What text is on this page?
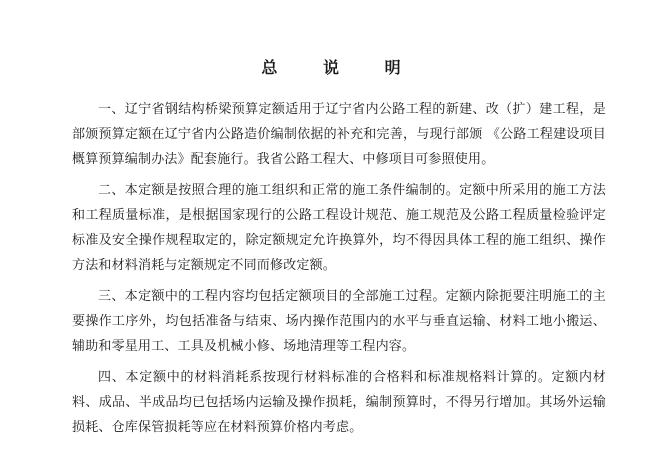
总 说 明

一、辽宁省钢结构桥梁预算定额适用于辽宁省内公路工程的新建、改（扩）建工程，是部颁预算定额在辽宁省内公路造价编制依据的补充和完善，与现行部颁 《公路工程建设项目概算预算编制办法》配套施行。我省公路工程大、中修项目可参照使用。

二、本定额是按照合理的施工组织和正常的施工条件编制的。定额中所采用的施工方法和工程质量标准，是根据国家现行的公路工程设计规范、施工规范及公路工程质量检验评定标准及安全操作规程取定的，除定额规定允许换算外，均不得因具体工程的施工组织、操作方法和材料消耗与定额规定不同而修改定额。

三、本定额中的工程内容均包括定额项目的全部施工过程。定额内除扼要注明施工的主要操作工序外，均包括准备与结束、场内操作范围内的水平与垂直运输、材料工地小搬运、辅助和零星用工、工具及机械小修、场地清理等工程内容。

四、本定额中的材料消耗系按现行材料标准的合格料和标准规格料计算的。定额内材料、成品、半成品均已包括场内运输及操作损耗，编制预算时，不得另行增加。其场外运输损耗、仓库保管损耗等应在材料预算价格内考虑。
